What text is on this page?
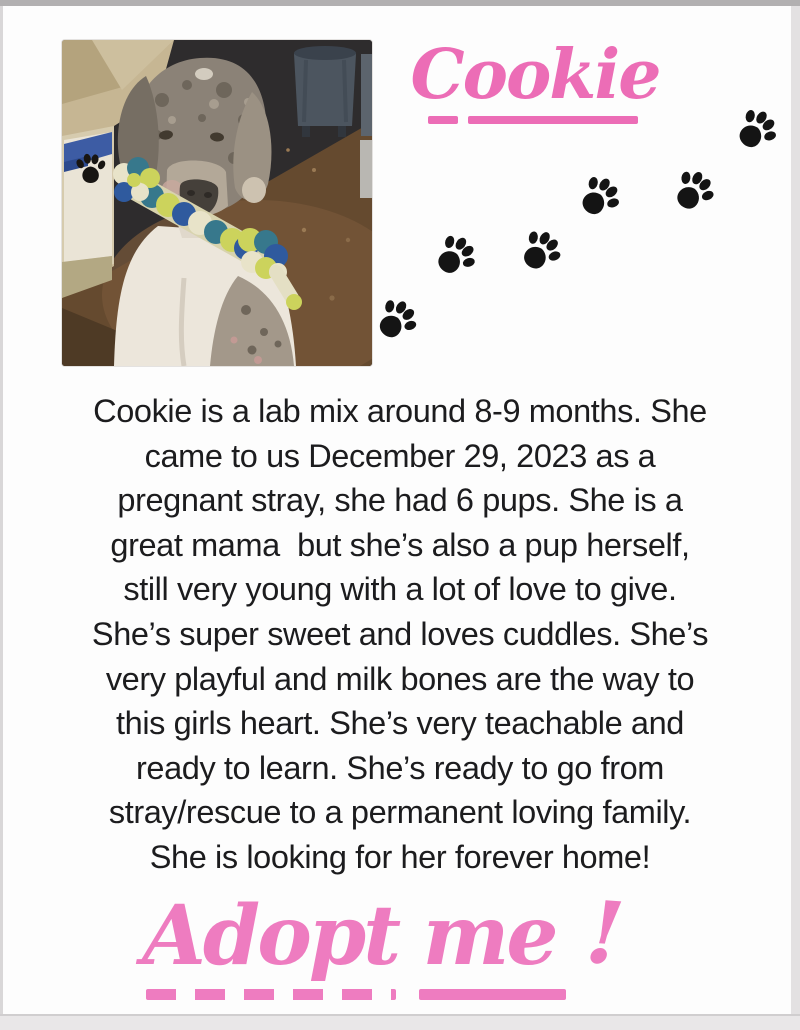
Cookie
Cookie is a lab mix around 8-9 months. She
came to us December 29, 2023 as a
pregnant stray, she had 6 pups. She is a
great mama  but she’s also a pup herself,
still very young with a lot of love to give.
She’s super sweet and loves cuddles. She’s
very playful and milk bones are the way to
this girls heart. She’s very teachable and
ready to learn. She’s ready to go from
stray/rescue to a permanent loving family.
She is looking for her forever home!
Adopt me !
